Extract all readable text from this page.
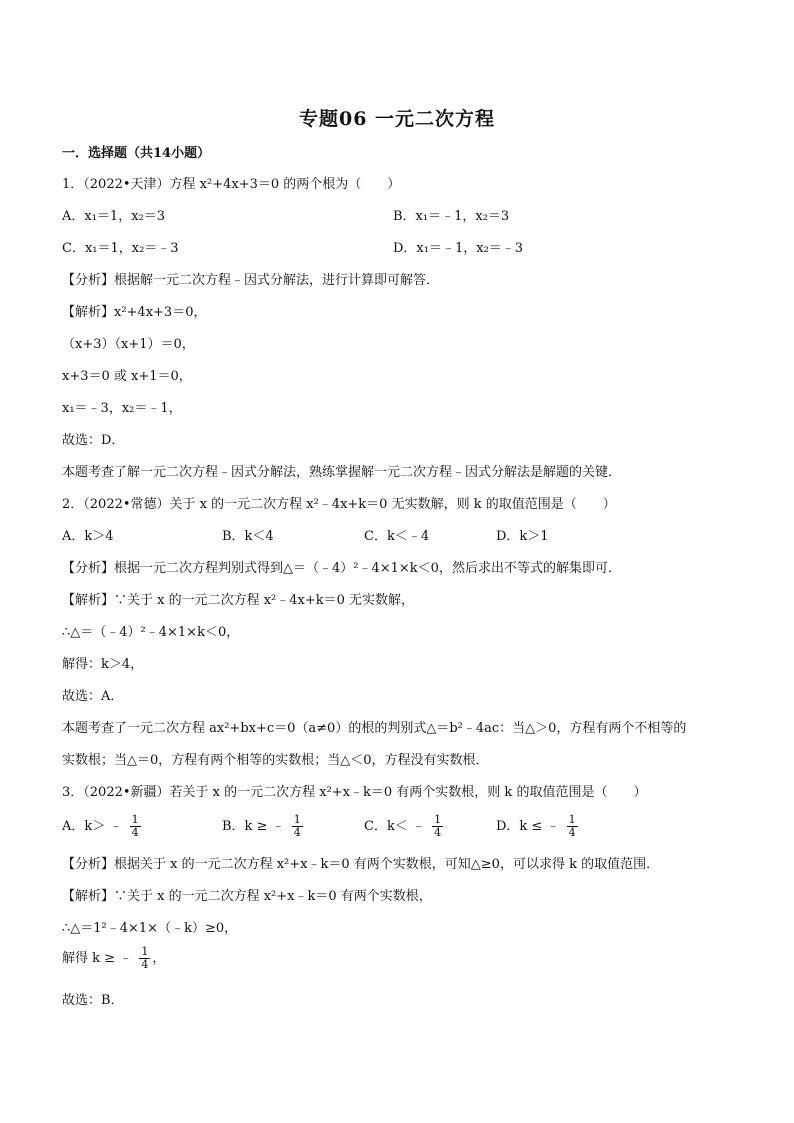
专题06 一元二次方程
一．选择题（共14小题）
1．（2022•天津）方程 x²+4x+3＝0 的两个根为（　　）
A．x₁＝1，x₂＝3	B．x₁＝﹣1，x₂＝3
C．x₁＝1，x₂＝﹣3	D．x₁＝﹣1，x₂＝﹣3
【分析】根据解一元二次方程﹣因式分解法，进行计算即可解答．
【解析】x²+4x+3＝0，
（x+3）（x+1）＝0，
x+3＝0 或 x+1＝0，
x₁＝﹣3，x₂＝﹣1，
故选：D．
本题考查了解一元二次方程﹣因式分解法，熟练掌握解一元二次方程﹣因式分解法是解题的关键．
2．（2022•常德）关于 x 的一元二次方程 x²﹣4x+k＝0 无实数解，则 k 的取值范围是（　　）
A．k＞4	B．k＜4	C．k＜﹣4	D．k＞1
【分析】根据一元二次方程判别式得到△＝（﹣4）²﹣4×1×k＜0，然后求出不等式的解集即可．
【解析】∵关于 x 的一元二次方程 x²﹣4x+k＝0 无实数解，
∴△＝（﹣4）²﹣4×1×k＜0，
解得：k＞4，
故选：A．
本题考查了一元二次方程 ax²+bx+c＝0（a≠0）的根的判别式△＝b²﹣4ac：当△＞0，方程有两个不相等的
实数根；当△＝0，方程有两个相等的实数根；当△＜0，方程没有实数根．
3．（2022•新疆）若关于 x 的一元二次方程 x²+x﹣k＝0 有两个实数根，则 k 的取值范围是（　　）
A．k＞ ﹣ $\frac{1}{4}$	B．k ≥ ﹣ $\frac{1}{4}$	C．k＜ ﹣ $\frac{1}{4}$	D．k ≤ ﹣ $\frac{1}{4}$
【分析】根据关于 x 的一元二次方程 x²+x﹣k＝0 有两个实数根，可知△≥0，可以求得 k 的取值范围．
【解析】∵关于 x 的一元二次方程 x²+x﹣k＝0 有两个实数根，
∴△＝1²﹣4×1×（﹣k）≥0，
解得 k ≥ ﹣ $\frac{1}{4}$ ，
故选：B．
